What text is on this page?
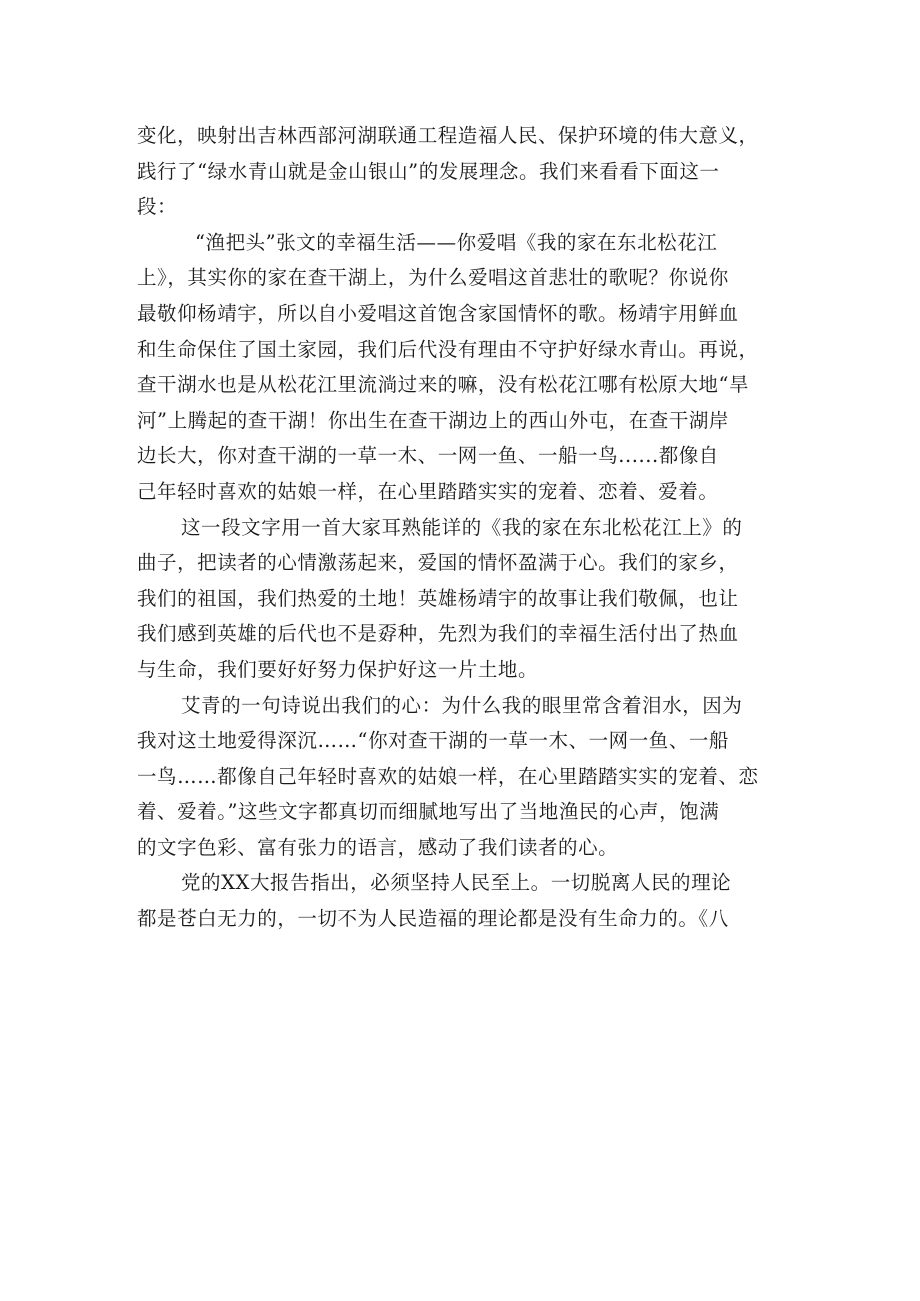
变化，映射出吉林西部河湖联通工程造福人民、保护环境的伟大意义，
践行了“绿水青山就是金山银山”的发展理念。我们来看看下面这一
段：
“渔把头”张文的幸福生活——你爱唱《我的家在东北松花江
上》，其实你的家在查干湖上，为什么爱唱这首悲壮的歌呢？你说你
最敬仰杨靖宇，所以自小爱唱这首饱含家国情怀的歌。杨靖宇用鲜血
和生命保住了国土家园，我们后代没有理由不守护好绿水青山。再说，
查干湖水也是从松花江里流淌过来的嘛，没有松花江哪有松原大地“旱
河”上腾起的查干湖！你出生在查干湖边上的西山外屯，在查干湖岸
边长大，你对查干湖的一草一木、一网一鱼、一船一鸟......都像自
己年轻时喜欢的姑娘一样，在心里踏踏实实的宠着、恋着、爱着。
这一段文字用一首大家耳熟能详的《我的家在东北松花江上》的
曲子，把读者的心情激荡起来，爱国的情怀盈满于心。我们的家乡，
我们的祖国，我们热爱的土地！英雄杨靖宇的故事让我们敬佩，也让
我们感到英雄的后代也不是孬种，先烈为我们的幸福生活付出了热血
与生命，我们要好好努力保护好这一片土地。
艾青的一句诗说出我们的心：为什么我的眼里常含着泪水，因为
我对这土地爱得深沉……“你对查干湖的一草一木、一网一鱼、一船
一鸟……都像自己年轻时喜欢的姑娘一样，在心里踏踏实实的宠着、恋
着、爱着。”这些文字都真切而细腻地写出了当地渔民的心声，饱满
的文字色彩、富有张力的语言，感动了我们读者的心。
党的XX大报告指出，必须坚持人民至上。一切脱离人民的理论
都是苍白无力的，一切不为人民造福的理论都是没有生命力的。《八
